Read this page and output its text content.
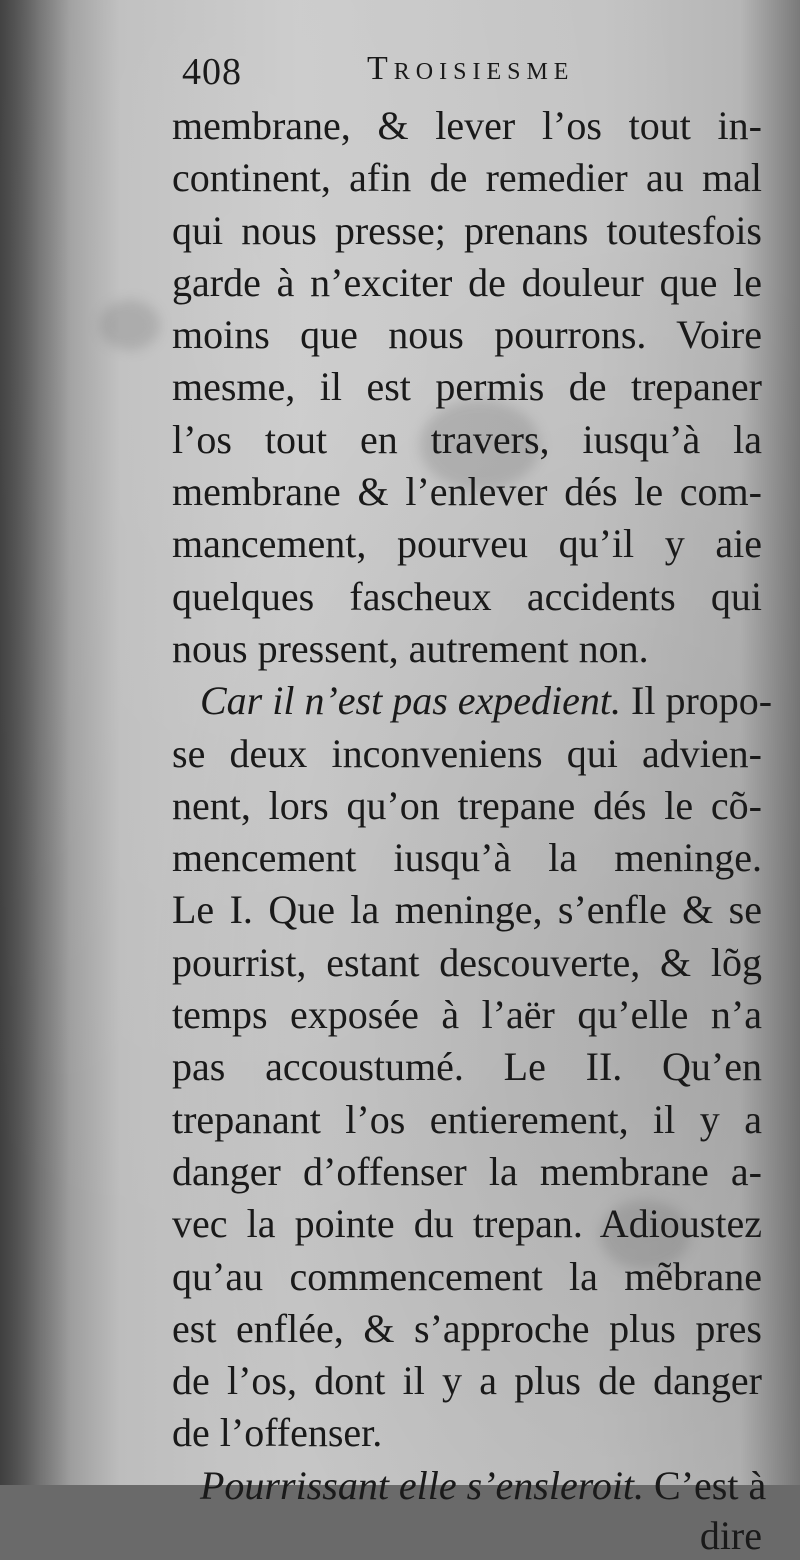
408	Troisiesme
membrane, & lever l’os tout in-
continent, afin de remedier au mal
qui nous presse; prenans toutesfois
garde à n’exciter de douleur que le
moins que nous pourrons. Voire
mesme, il est permis de trepaner
l’os tout en travers, iusqu’à la
membrane & l’enlever dés le com-
mancement, pourveu qu’il y aie
quelques fascheux accidents qui
nous pressent, autrement non.
Car il n’est pas expedient. Il propo-
se deux inconveniens qui advien-
nent, lors qu’on trepane dés le cõ-
mencement iusqu’à la meninge.
Le I. Que la meninge, s’enfle & se
pourrist, estant descouverte, & lõg
temps exposée à l’aër qu’elle n’a
pas accoustumé. Le II. Qu’en
trepanant l’os entierement, il y a
danger d’offenser la membrane a-
vec la pointe du trepan. Adioustez
qu’au commencement la mẽbrane
est enflée, & s’approche plus pres
de l’os, dont il y a plus de danger
de l’offenser.
Pourrissant elle s’ensleroit. C’est à
dire
